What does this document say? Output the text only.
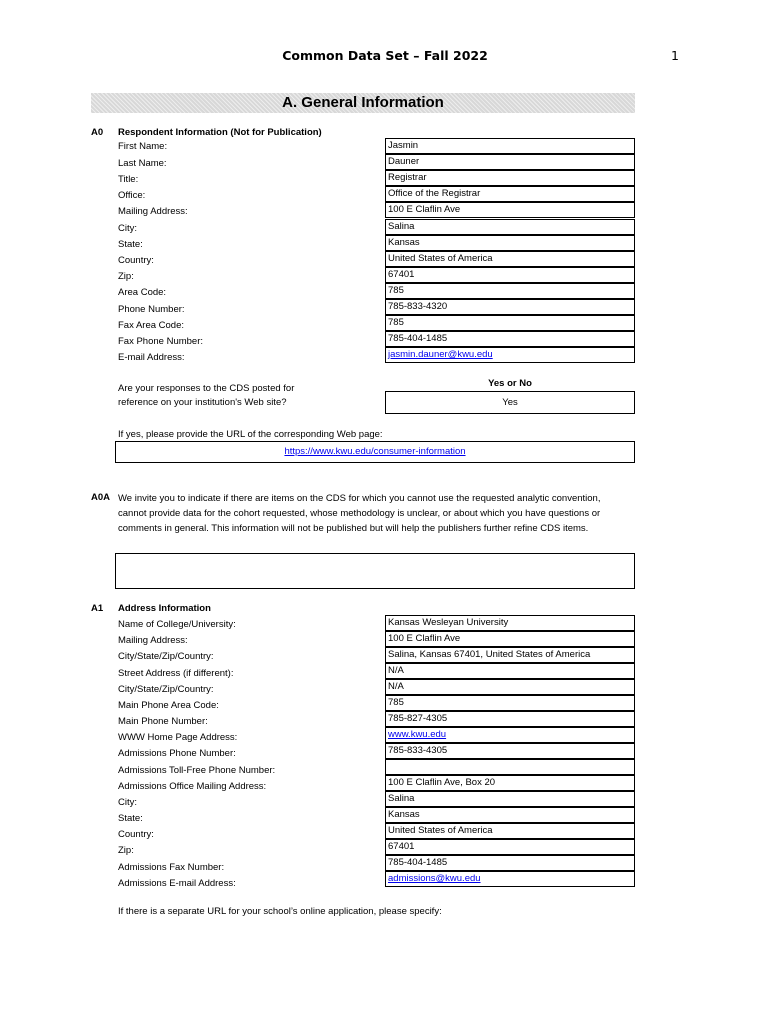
Common Data Set – Fall 2022	1
A. General Information
A0 Respondent Information (Not for Publication)
First Name:
Last Name:
Title:
Office:
Mailing Address:
City:
State:
Country:
Zip:
Area Code:
Phone Number:
Fax Area Code:
Fax Phone Number:
E-mail Address:
Jasmin
Dauner
Registrar
Office of the Registrar
100 E Claflin Ave
Salina
Kansas
United States of America
67401
785
785-833-4320
785
785-404-1485
jasmin.dauner@kwu.edu
Are your responses to the CDS posted for
reference on your institution's Web site?
Yes or No
Yes
If yes, please provide the URL of the corresponding Web page:
https://www.kwu.edu/consumer-information
A0A We invite you to indicate if there are items on the CDS for which you cannot use the requested analytic convention,
cannot provide data for the cohort requested, whose methodology is unclear, or about which you have questions or
comments in general. This information will not be published but will help the publishers further refine CDS items.
A1 Address Information
Name of College/University:
Mailing Address:
City/State/Zip/Country:
Street Address (if different):
City/State/Zip/Country:
Main Phone Area Code:
Main Phone Number:
WWW Home Page Address:
Admissions Phone Number:
Admissions Toll-Free Phone Number:
Admissions Office Mailing Address:
City:
State:
Country:
Zip:
Admissions Fax Number:
Admissions E-mail Address:
Kansas Wesleyan University
100 E Claflin Ave
Salina, Kansas 67401, United States of America
N/A
N/A
785
785-827-4305
www.kwu.edu
785-833-4305
100 E Claflin Ave, Box 20
Salina
Kansas
United States of America
67401
785-404-1485
admissions@kwu.edu
If there is a separate URL for your school’s online application, please specify:
